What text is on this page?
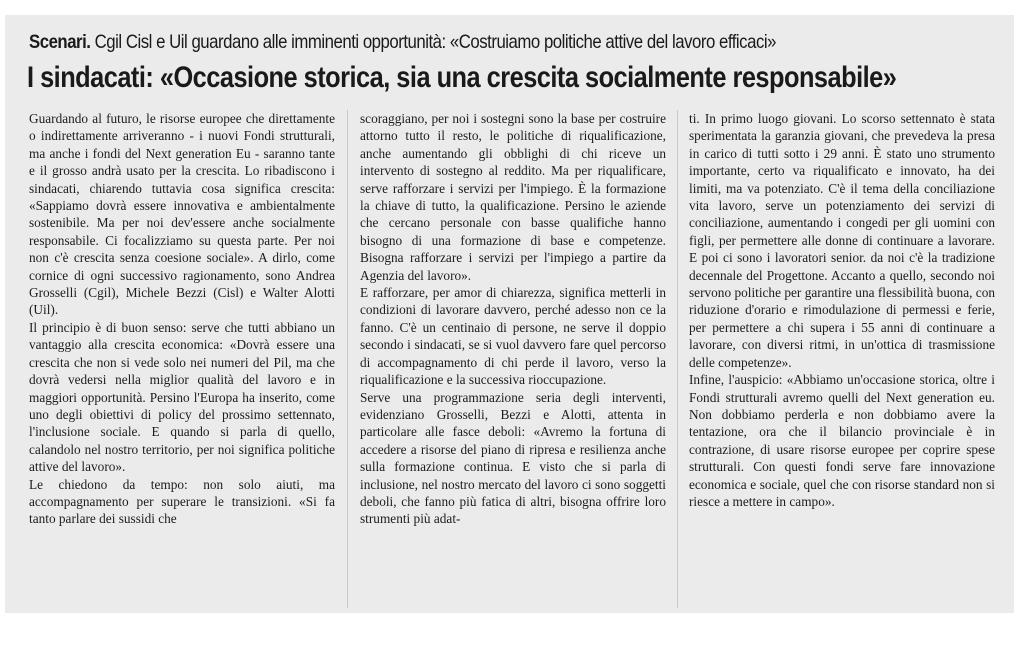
Scenari. Cgil Cisl e Uil guardano alle imminenti opportunità: «Costruiamo politiche attive del lavoro efficaci»
I sindacati: «Occasione storica, sia una crescita socialmente responsabile»

Guardando al futuro, le risorse europee che direttamente o indirettamente arriveranno - i nuovi Fondi strutturali, ma anche i fondi del Next generation Eu - saranno tante e il grosso andrà usato per la crescita. Lo ribadiscono i sindacati, chiarendo tuttavia cosa significa crescita: «Sappiamo dovrà essere innovativa e ambientalmente sostenibile. Ma per noi dev'essere anche socialmente responsabile. Ci focalizziamo su questa parte. Per noi non c'è crescita senza coesione sociale». A dirlo, come cornice di ogni successivo ragionamento, sono Andrea Grosselli (Cgil), Michele Bezzi (Cisl) e Walter Alotti (Uil).

Il principio è di buon senso: serve che tutti abbiano un vantaggio alla crescita economica: «Dovrà essere una crescita che non si vede solo nei numeri del Pil, ma che dovrà vedersi nella miglior qualità del lavoro e in maggiori opportunità. Persino l'Europa ha inserito, come uno degli obiettivi di policy del prossimo settennato, l'inclusione sociale. E quando si parla di quello, calandolo nel nostro territorio, per noi significa politiche attive del lavoro».

Le chiedono da tempo: non solo aiuti, ma accompagnamento per superare le transizioni. «Si fa tanto parlare dei sussidi che

scoraggiano, per noi i sostegni sono la base per costruire attorno tutto il resto, le politiche di riqualificazione, anche aumentando gli obblighi di chi riceve un intervento di sostegno al reddito. Ma per riqualificare, serve rafforzare i servizi per l'impiego. È la formazione la chiave di tutto, la qualificazione. Persino le aziende che cercano personale con basse qualifiche hanno bisogno di una formazione di base e competenze. Bisogna rafforzare i servizi per l'impiego a partire da Agenzia del lavoro».

E rafforzare, per amor di chiarezza, significa metterli in condizioni di lavorare davvero, perché adesso non ce la fanno. C'è un centinaio di persone, ne serve il doppio secondo i sindacati, se si vuol davvero fare quel percorso di accompagnamento di chi perde il lavoro, verso la riqualificazione e la successiva rioccupazione.

Serve una programmazione seria degli interventi, evidenziano Grosselli, Bezzi e Alotti, attenta in particolare alle fasce deboli: «Avremo la fortuna di accedere a risorse del piano di ripresa e resilienza anche sulla formazione continua. E visto che si parla di inclusione, nel nostro mercato del lavoro ci sono soggetti deboli, che fanno più fatica di altri, bisogna offrire loro strumenti più adat-

ti. In primo luogo giovani. Lo scorso settennato è stata sperimentata la garanzia giovani, che prevedeva la presa in carico di tutti sotto i 29 anni. È stato uno strumento importante, certo va riqualificato e innovato, ha dei limiti, ma va potenziato. C'è il tema della conciliazione vita lavoro, serve un potenziamento dei servizi di conciliazione, aumentando i congedi per gli uomini con figli, per permettere alle donne di continuare a lavorare. E poi ci sono i lavoratori senior. da noi c'è la tradizione decennale del Progettone. Accanto a quello, secondo noi servono politiche per garantire una flessibilità buona, con riduzione d'orario e rimodulazione di permessi e ferie, per permettere a chi supera i 55 anni di continuare a lavorare, con diversi ritmi, in un'ottica di trasmissione delle competenze».

Infine, l'auspicio: «Abbiamo un'occasione storica, oltre i Fondi strutturali avremo quelli del Next generation eu. Non dobbiamo perderla e non dobbiamo avere la tentazione, ora che il bilancio provinciale è in contrazione, di usare risorse europee per coprire spese strutturali. Con questi fondi serve fare innovazione economica e sociale, quel che con risorse standard non si riesce a mettere in campo».
